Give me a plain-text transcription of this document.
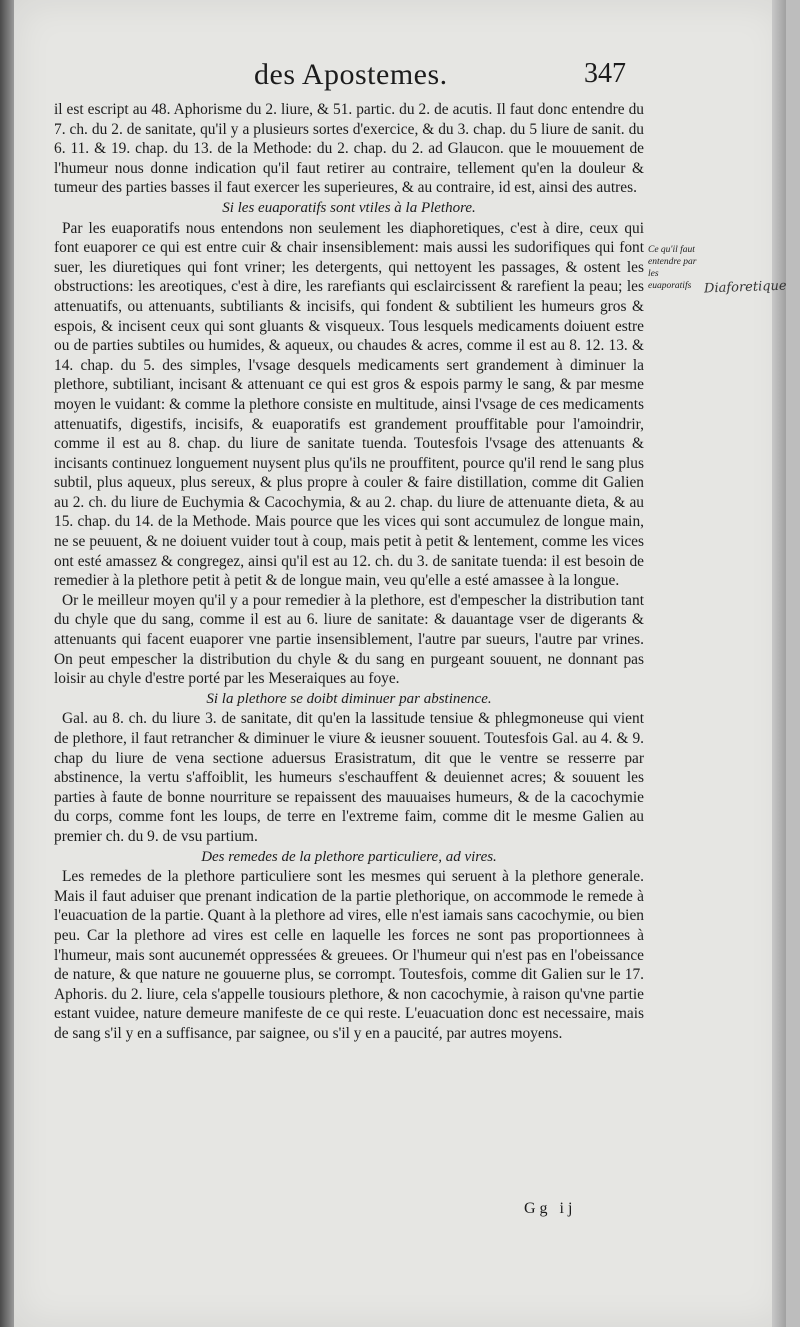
des Apostemes.	347

il est escript au 48. Aphorisme du 2. liure, & 51. partic. du 2. de acutis. Il faut donc entendre du 7. ch. du 2. de sanitate, qu'il y a plusieurs sortes d'exercice, & du 3. chap. du 5 liure de sanit. du 6. 11. & 19. chap. du 13. de la Methode: du 2. chap. du 2. ad Glaucon. que le mouuement de l'humeur nous donne indication qu'il faut retirer au contraire, tellement qu'en la douleur & tumeur des parties basses il faut exercer les superieures, & au contraire, id est, ainsi des autres.

Si les euaporatifs sont vtiles à la Plethore.

Par les euaporatifs nous entendons non seulement les diaphoretiques, c'est à dire, ceux qui font euaporer ce qui est entre cuir & chair insensiblement: mais aussi les sudorifiques qui font suer, les diuretiques qui font vriner; les detergents, qui nettoyent les passages, & ostent les obstructions: les areotiques, c'est à dire, les rarefiants qui esclaircissent & rarefient la peau; les attenuatifs, ou attenuants, subtiliants & incisifs, qui fondent & subtilient les humeurs gros & espois, & incisent ceux qui sont gluants & visqueux. Tous lesquels medicaments doiuent estre ou de parties subtiles ou humides, & aqueux, ou chaudes & acres, comme il est au 8. 12. 13. & 14. chap. du 5. des simples, l'vsage desquels medicaments sert grandement à diminuer la plethore, subtiliant, incisant & attenuant ce qui est gros & espois parmy le sang, & par mesme moyen le vuidant: & comme la plethore consiste en multitude, ainsi l'vsage de ces medicaments attenuatifs, digestifs, incisifs, & euaporatifs est grandement prouffitable pour l'amoindrir, comme il est au 8. chap. du liure de sanitate tuenda. Toutesfois l'vsage des attenuants & incisants continuez longuement nuysent plus qu'ils ne prouffitent, pource qu'il rend le sang plus subtil, plus aqueux, plus sereux, & plus propre à couler & faire distillation, comme dit Galien au 2. ch. du liure de Euchymia & Cacochymia, & au 2. chap. du liure de attenuante dieta, & au 15. chap. du 14. de la Methode. Mais pource que les vices qui sont accumulez de longue main, ne se peuuent, & ne doiuent vuider tout à coup, mais petit à petit & lentement, comme les vices ont esté amassez & congregez, ainsi qu'il est au 12. ch. du 3. de sanitate tuenda: il est besoin de remedier à la plethore petit à petit & de longue main, veu qu'elle a esté amassee à la longue.

Or le meilleur moyen qu'il y a pour remedier à la plethore, est d'empescher la distribution tant du chyle que du sang, comme il est au 6. liure de sanitate: & dauantage vser de digerants & attenuants qui facent euaporer vne partie insensiblement, l'autre par sueurs, l'autre par vrines. On peut empescher la distribution du chyle & du sang en purgeant souuent, ne donnant pas loisir au chyle d'estre porté par les Meseraiques au foye.

Si la plethore se doibt diminuer par abstinence.

Gal. au 8. ch. du liure 3. de sanitate, dit qu'en la lassitude tensiue & phlegmoneuse qui vient de plethore, il faut retrancher & diminuer le viure & ieusner souuent. Toutesfois Gal. au 4. & 9. chap du liure de vena sectione aduersus Erasistratum, dit que le ventre se resserre par abstinence, la vertu s'affoiblit, les humeurs s'eschauffent & deuiennet acres; & souuent les parties à faute de bonne nourriture se repaissent des mauuaises humeurs, & de la cacochymie du corps, comme font les loups, de terre en l'extreme faim, comme dit le mesme Galien au premier ch. du 9. de vsu partium.

Des remedes de la plethore particuliere, ad vires.

Les remedes de la plethore particuliere sont les mesmes qui seruent à la plethore generale. Mais il faut aduiser que prenant indication de la partie plethorique, on accommode le remede à l'euacuation de la partie. Quant à la plethore ad vires, elle n'est iamais sans cacochymie, ou bien peu. Car la plethore ad vires est celle en laquelle les forces ne sont pas proportionnees à l'humeur, mais sont aucunemét oppressées & greuees. Or l'humeur qui n'est pas en l'obeissance de nature, & que nature ne gouuerne plus, se corrompt. Toutesfois, comme dit Galien sur le 17. Aphoris. du 2. liure, cela s'appelle tousiours plethore, & non cacochymie, à raison qu'vne partie estant vuidee, nature demeure manifeste de ce qui reste. L'euacuation donc est necessaire, mais de sang s'il y en a suffisance, par saignee, ou s'il y en a paucité, par autres moyens.

Ce qu'il faut entendre par les euaporatifs Diaforetique
Gg ij
